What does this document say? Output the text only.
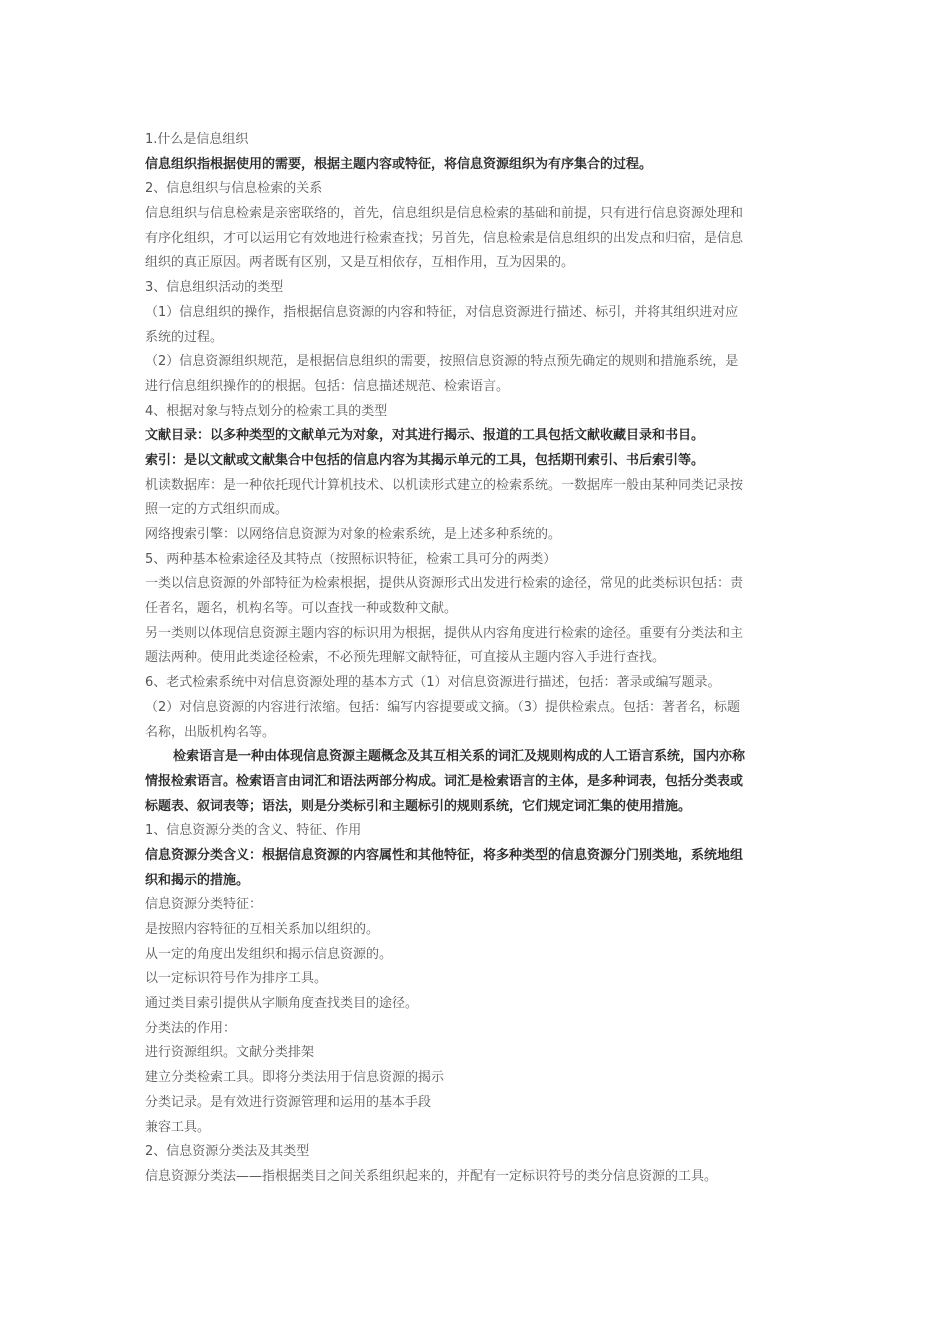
1.什么是信息组织
信息组织指根据使用的需要，根据主题内容或特征，将信息资源组织为有序集合的过程。
2、信息组织与信息检索的关系
信息组织与信息检索是亲密联络的，首先，信息组织是信息检索的基础和前提，只有进行信息资源处理和
有序化组织，才可以运用它有效地进行检索查找；另首先，信息检索是信息组织的出发点和归宿，是信息
组织的真正原因。两者既有区别，又是互相依存，互相作用，互为因果的。
3、信息组织活动的类型
（1）信息组织的操作，指根据信息资源的内容和特征，对信息资源进行描述、标引，并将其组织进对应
系统的过程。
（2）信息资源组织规范，是根据信息组织的需要，按照信息资源的特点预先确定的规则和措施系统，是
进行信息组织操作的的根据。包括：信息描述规范、检索语言。
4、根据对象与特点划分的检索工具的类型
文献目录：以多种类型的文献单元为对象，对其进行揭示、报道的工具包括文献收藏目录和书目。
索引：是以文献或文献集合中包括的信息内容为其揭示单元的工具，包括期刊索引、书后索引等。
机读数据库：是一种依托现代计算机技术、以机读形式建立的检索系统。一数据库一般由某种同类记录按
照一定的方式组织而成。
网络搜索引擎：以网络信息资源为对象的检索系统，是上述多种系统的。
5、两种基本检索途径及其特点（按照标识特征，检索工具可分的两类）
一类以信息资源的外部特征为检索根据，提供从资源形式出发进行检索的途径，常见的此类标识包括：责
任者名，题名，机构名等。可以查找一种或数种文献。
另一类则以体现信息资源主题内容的标识用为根据，提供从内容角度进行检索的途径。重要有分类法和主
题法两种。使用此类途径检索，不必预先理解文献特征，可直接从主题内容入手进行查找。
6、老式检索系统中对信息资源处理的基本方式（1）对信息资源进行描述，包括：著录或编写题录。
（2）对信息资源的内容进行浓缩。包括：编写内容提要或文摘。（3）提供检索点。包括：著者名，标题
名称，出版机构名等。
检索语言是一种由体现信息资源主题概念及其互相关系的词汇及规则构成的人工语言系统，国内亦称
情报检索语言。检索语言由词汇和语法两部分构成。词汇是检索语言的主体，是多种词表，包括分类表或
标题表、叙词表等；语法，则是分类标引和主题标引的规则系统，它们规定词汇集的使用措施。
1、信息资源分类的含义、特征、作用
信息资源分类含义：根据信息资源的内容属性和其他特征，将多种类型的信息资源分门别类地，系统地组
织和揭示的措施。
信息资源分类特征：
是按照内容特征的互相关系加以组织的。
从一定的角度出发组织和揭示信息资源的。
以一定标识符号作为排序工具。
通过类目索引提供从字顺角度查找类目的途径。
分类法的作用：
进行资源组织。文献分类排架
建立分类检索工具。即将分类法用于信息资源的揭示
分类记录。是有效进行资源管理和运用的基本手段
兼容工具。
2、信息资源分类法及其类型
信息资源分类法——指根据类目之间关系组织起来的，并配有一定标识符号的类分信息资源的工具。
